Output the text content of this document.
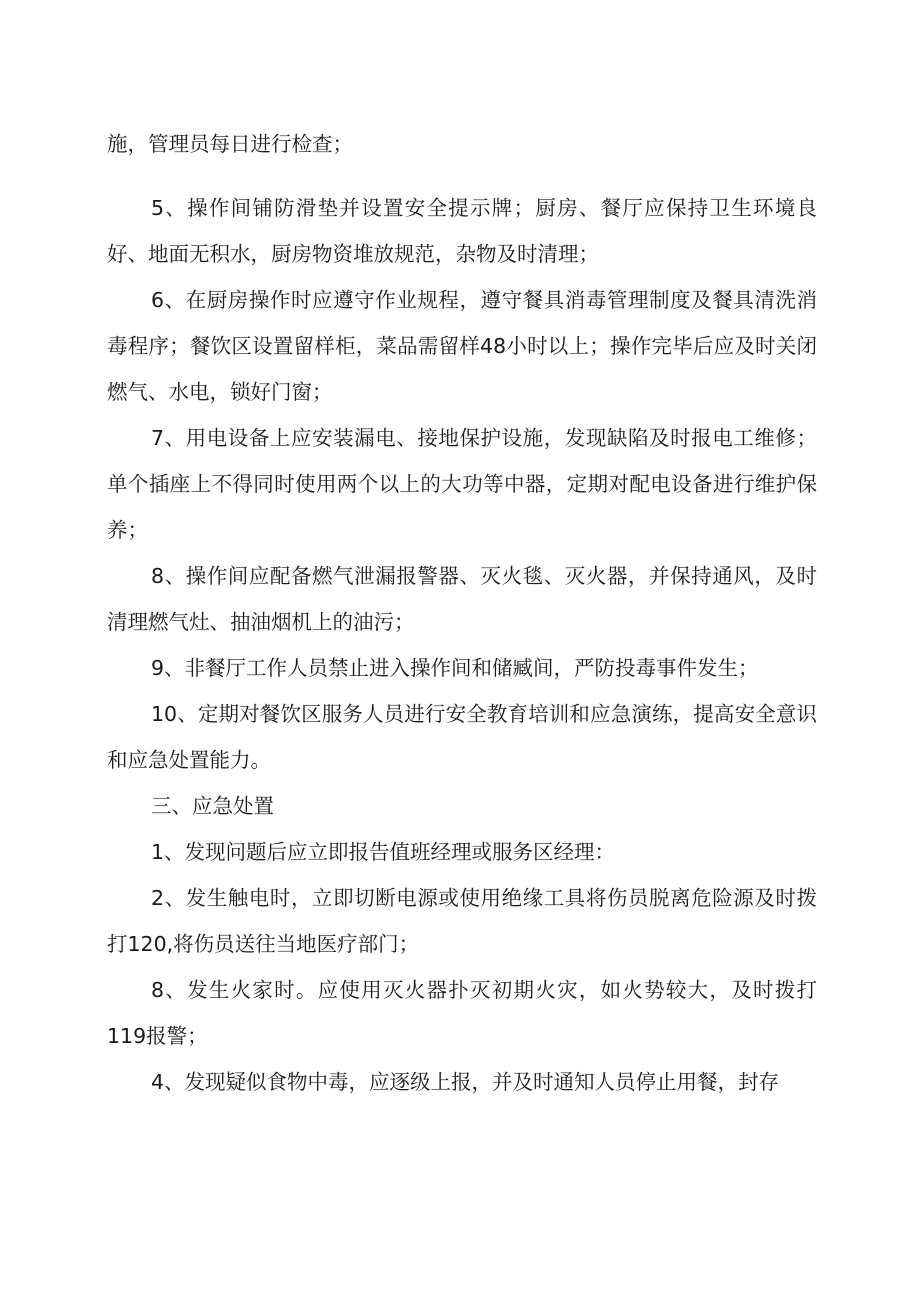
施，管理员每日进行检查；

5、操作间铺防滑垫并设置安全提示牌；厨房、餐厅应保持卫生环境良好、地面无积水，厨房物资堆放规范，杂物及时清理；

6、在厨房操作时应遵守作业规程，遵守餐具消毒管理制度及餐具清洗消毒程序；餐饮区设置留样柜，菜品需留样48小时以上；操作完毕后应及时关闭燃气、水电，锁好门窗；

7、用电设备上应安装漏电、接地保护设施，发现缺陷及时报电工维修；单个插座上不得同时使用两个以上的大功等中器，定期对配电设备进行维护保养；

8、操作间应配备燃气泄漏报警器、灭火毯、灭火器，并保持通风，及时清理燃气灶、抽油烟机上的油污；

9、非餐厅工作人员禁止进入操作间和储臧间，严防投毒事件发生；

10、定期对餐饮区服务人员进行安全教育培训和应急演练，提高安全意识和应急处置能力。

三、应急处置

1、发现问题后应立即报告值班经理或服务区经理：

2、发生触电时，立即切断电源或使用绝缘工具将伤员脱离危险源及时拨打120,将伤员送往当地医疗部门；

8、发生火家时。应使用灭火器扑灭初期火灾，如火势较大，及时拨打119报警；

4、发现疑似食物中毒，应逐级上报，并及时通知人员停止用餐，封存
